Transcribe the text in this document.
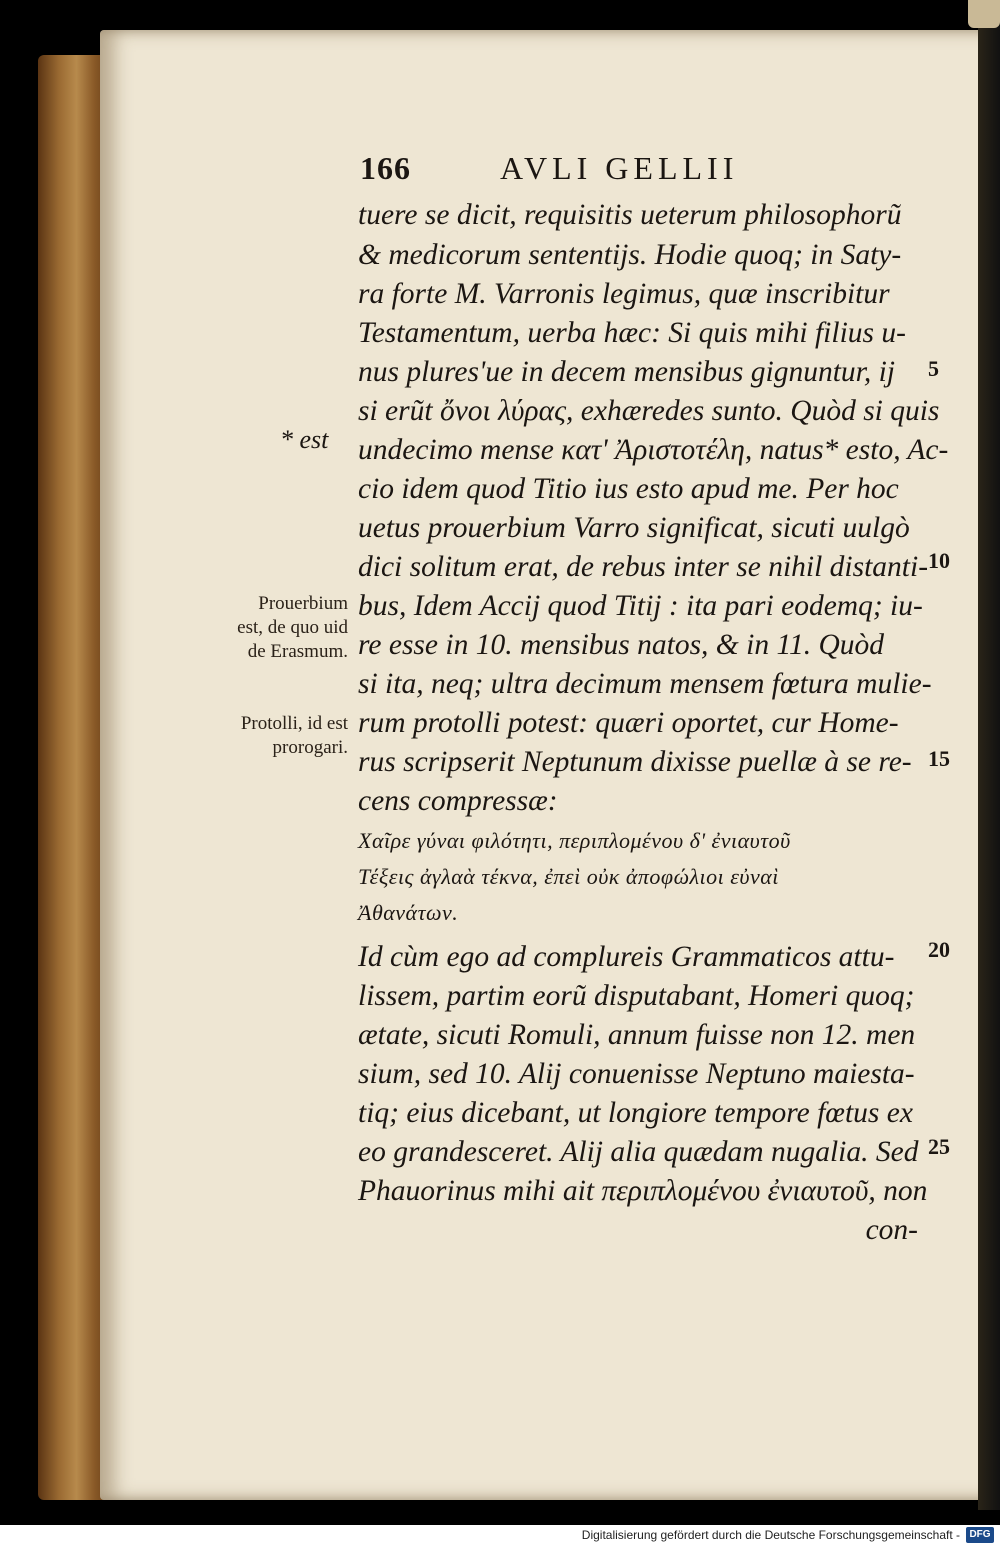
166	AVLI GELLII
tuere se dicit, requisitis ueterum philosophorũ
& medicorum sententijs. Hodie quoq; in Saty-
ra forte M. Varronis legimus, quæ inscribitur
Testamentum, uerba hæc: Si quis mihi filius u-
nus plures'ue in decem mensibus gignuntur, ij
si erũt ὄνοι λύρας, exhæredes sunto. Quòd si quis
undecimo mense κατ' Ἀριστοτέλη, natus* esto, Ac-
cio idem quod Titio ius esto apud me. Per hoc
uetus prouerbium Varro significat, sicuti uulgò
dici solitum erat, de rebus inter se nihil distanti-
bus, Idem Accij quod Titij : ita pari eodemq; iu-
re esse in 10. mensibus natos, & in 11. Quòd
si ita, neq; ultra decimum mensem fœtura mulie-
rum protolli potest: quæri oportet, cur Home-
rus scripserit Neptunum dixisse puellæ à se re-
cens compressæ:
Χαῖρε γύναι φιλότητι, περιπλομένου δ' ἐνιαυτοῦ
Τέξεις ἀγλαὰ τέκνα, ἐπεὶ οὐκ ἀποφώλιοι εὐναὶ
Ἀθανάτων.
Id cùm ego ad complureis Grammaticos attu-
lissem, partim eorũ disputabant, Homeri quoq;
ætate, sicuti Romuli, annum fuisse non 12. men
sium, sed 10. Alij conuenisse Neptuno maiesta-
tiq; eius dicebant, ut longiore tempore fœtus ex
eo grandesceret. Alij alia quædam nugalia. Sed
Phauorinus mihi ait περιπλομένου ἐνιαυτοῦ, non
con-
* est
Prouerbium
est, de quo uid
de Erasmum.
Protolli, id est
prorogari.
5
10
15
20
25
Digitalisierung gefördert durch die Deutsche Forschungsgemeinschaft - DFG
